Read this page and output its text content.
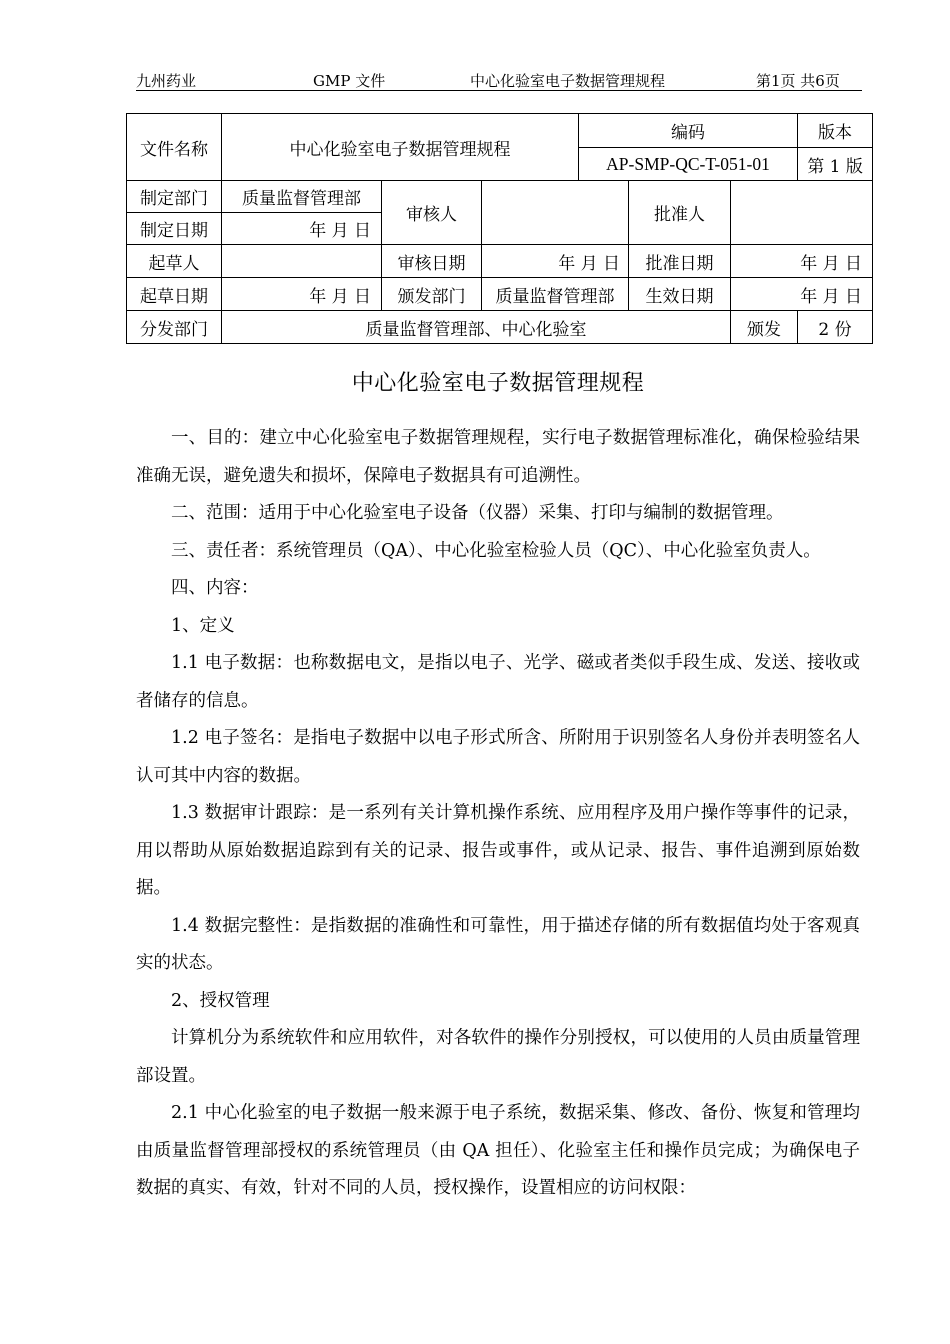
九州药业	GMP 文件	中心化验室电子数据管理规程	第1页 共6页
文件名称	中心化验室电子数据管理规程			编码			版本
				AP-SMP-QC-T-051-01			第 1 版
制定部门	质量监督管理部	审核人			批准人		
制定日期	年 月 日						
起草人		审核日期	年 月 日		批准日期	年 月 日	
起草日期	年 月 日	颁发部门	质量监督管理部		生效日期	年 月 日	
分发部门	质量监督管理部、中心化验室					颁发	2 份
中心化验室电子数据管理规程

一、目的：建立中心化验室电子数据管理规程，实行电子数据管理标准化，确保检验结果准确无误，避免遗失和损坏，保障电子数据具有可追溯性。

二、范围：适用于中心化验室电子设备（仪器）采集、打印与编制的数据管理。

三、责任者：系统管理员（QA）、中心化验室检验人员（QC）、中心化验室负责人。

四、内容：

1、定义

1.1 电子数据：也称数据电文，是指以电子、光学、磁或者类似手段生成、发送、接收或者储存的信息。

1.2 电子签名：是指电子数据中以电子形式所含、所附用于识别签名人身份并表明签名人认可其中内容的数据。

1.3 数据审计跟踪：是一系列有关计算机操作系统、应用程序及用户操作等事件的记录，用以帮助从原始数据追踪到有关的记录、报告或事件，或从记录、报告、事件追溯到原始数据。

1.4 数据完整性：是指数据的准确性和可靠性，用于描述存储的所有数据值均处于客观真实的状态。

2、授权管理

计算机分为系统软件和应用软件，对各软件的操作分别授权，可以使用的人员由质量管理部设置。

2.1 中心化验室的电子数据一般来源于电子系统，数据采集、修改、备份、恢复和管理均由质量监督管理部授权的系统管理员（由 QA 担任）、化验室主任和操作员完成；为确保电子数据的真实、有效，针对不同的人员，授权操作，设置相应的访问权限：
